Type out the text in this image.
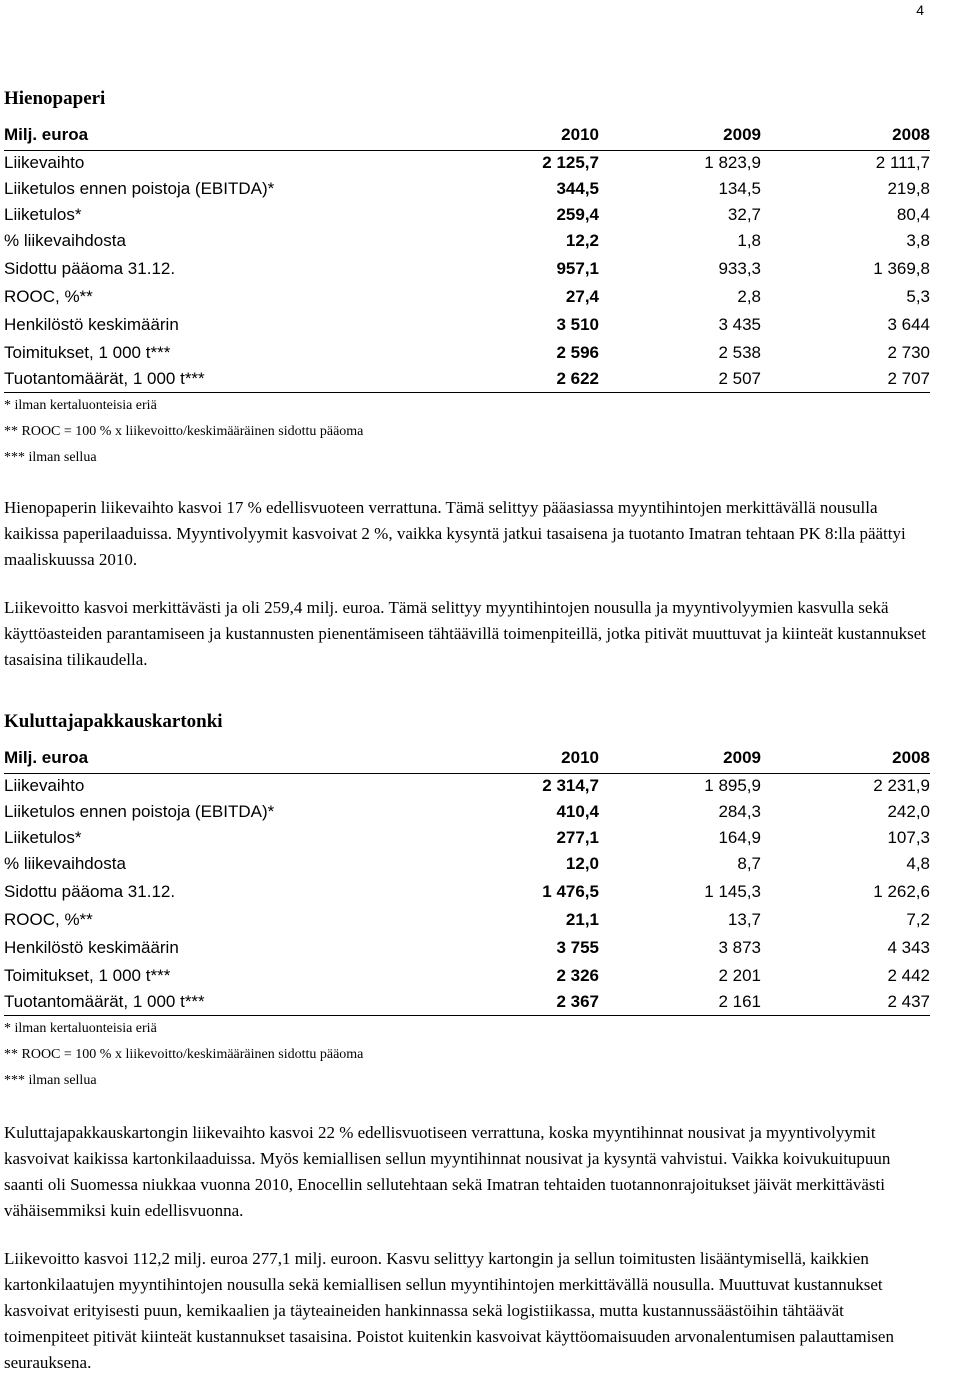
4
Hienopaperi
Milj. euroa	2010	2009	2008
Liikevaihto	2 125,7	1 823,9	2 111,7
Liiketulos ennen poistoja (EBITDA)*	344,5	134,5	219,8
Liiketulos*	259,4	32,7	80,4
% liikevaihdosta	12,2	1,8	3,8
Sidottu pääoma 31.12.	957,1	933,3	1 369,8
ROOC, %**	27,4	2,8	5,3
Henkilöstö keskimäärin	3 510	3 435	3 644
Toimitukset, 1 000 t***	2 596	2 538	2 730
Tuotantomäärät, 1 000 t***	2 622	2 507	2 707
* ilman kertaluonteisia eriä
** ROOC = 100 % x liikevoitto/keskimääräinen sidottu pääoma
*** ilman sellua

Hienopaperin liikevaihto kasvoi 17 % edellisvuoteen verrattuna. Tämä selittyy pääasiassa myyntihintojen merkittävällä nousulla kaikissa paperilaaduissa. Myyntivolyymit kasvoivat 2 %, vaikka kysyntä jatkui tasaisena ja tuotanto Imatran tehtaan PK 8:lla päättyi maaliskuussa 2010.

Liikevoitto kasvoi merkittävästi ja oli 259,4 milj. euroa. Tämä selittyy myyntihintojen nousulla ja myyntivolyymien kasvulla sekä käyttöasteiden parantamiseen ja kustannusten pienentämiseen tähtäävillä toimenpiteillä, jotka pitivät muuttuvat ja kiinteät kustannukset tasaisina tilikaudella.

Kuluttajapakkauskartonki
Milj. euroa	2010	2009	2008
Liikevaihto	2 314,7	1 895,9	2 231,9
Liiketulos ennen poistoja (EBITDA)*	410,4	284,3	242,0
Liiketulos*	277,1	164,9	107,3
% liikevaihdosta	12,0	8,7	4,8
Sidottu pääoma 31.12.	1 476,5	1 145,3	1 262,6
ROOC, %**	21,1	13,7	7,2
Henkilöstö keskimäärin	3 755	3 873	4 343
Toimitukset, 1 000 t***	2 326	2 201	2 442
Tuotantomäärät, 1 000 t***	2 367	2 161	2 437
* ilman kertaluonteisia eriä
** ROOC = 100 % x liikevoitto/keskimääräinen sidottu pääoma
*** ilman sellua

Kuluttajapakkauskartongin liikevaihto kasvoi 22 % edellisvuotiseen verrattuna, koska myyntihinnat nousivat ja myyntivolyymit kasvoivat kaikissa kartonkilaaduissa. Myös kemiallisen sellun myyntihinnat nousivat ja kysyntä vahvistui. Vaikka koivukuitupuun saanti oli Suomessa niukkaa vuonna 2010, Enocellin sellutehtaan sekä Imatran tehtaiden tuotannonrajoitukset jäivät merkittävästi vähäisemmiksi kuin edellisvuonna.

Liikevoitto kasvoi 112,2 milj. euroa 277,1 milj. euroon. Kasvu selittyy kartongin ja sellun toimitusten lisääntymisellä, kaikkien kartonkilaatujen myyntihintojen nousulla sekä kemiallisen sellun myyntihintojen merkittävällä nousulla. Muuttuvat kustannukset kasvoivat erityisesti puun, kemikaalien ja täyteaineiden hankinnassa sekä logistiikassa, mutta kustannussäästöihin tähtäävät toimenpiteet pitivät kiinteät kustannukset tasaisina. Poistot kuitenkin kasvoivat käyttöomaisuuden arvonalentumisen palauttamisen seurauksena.
